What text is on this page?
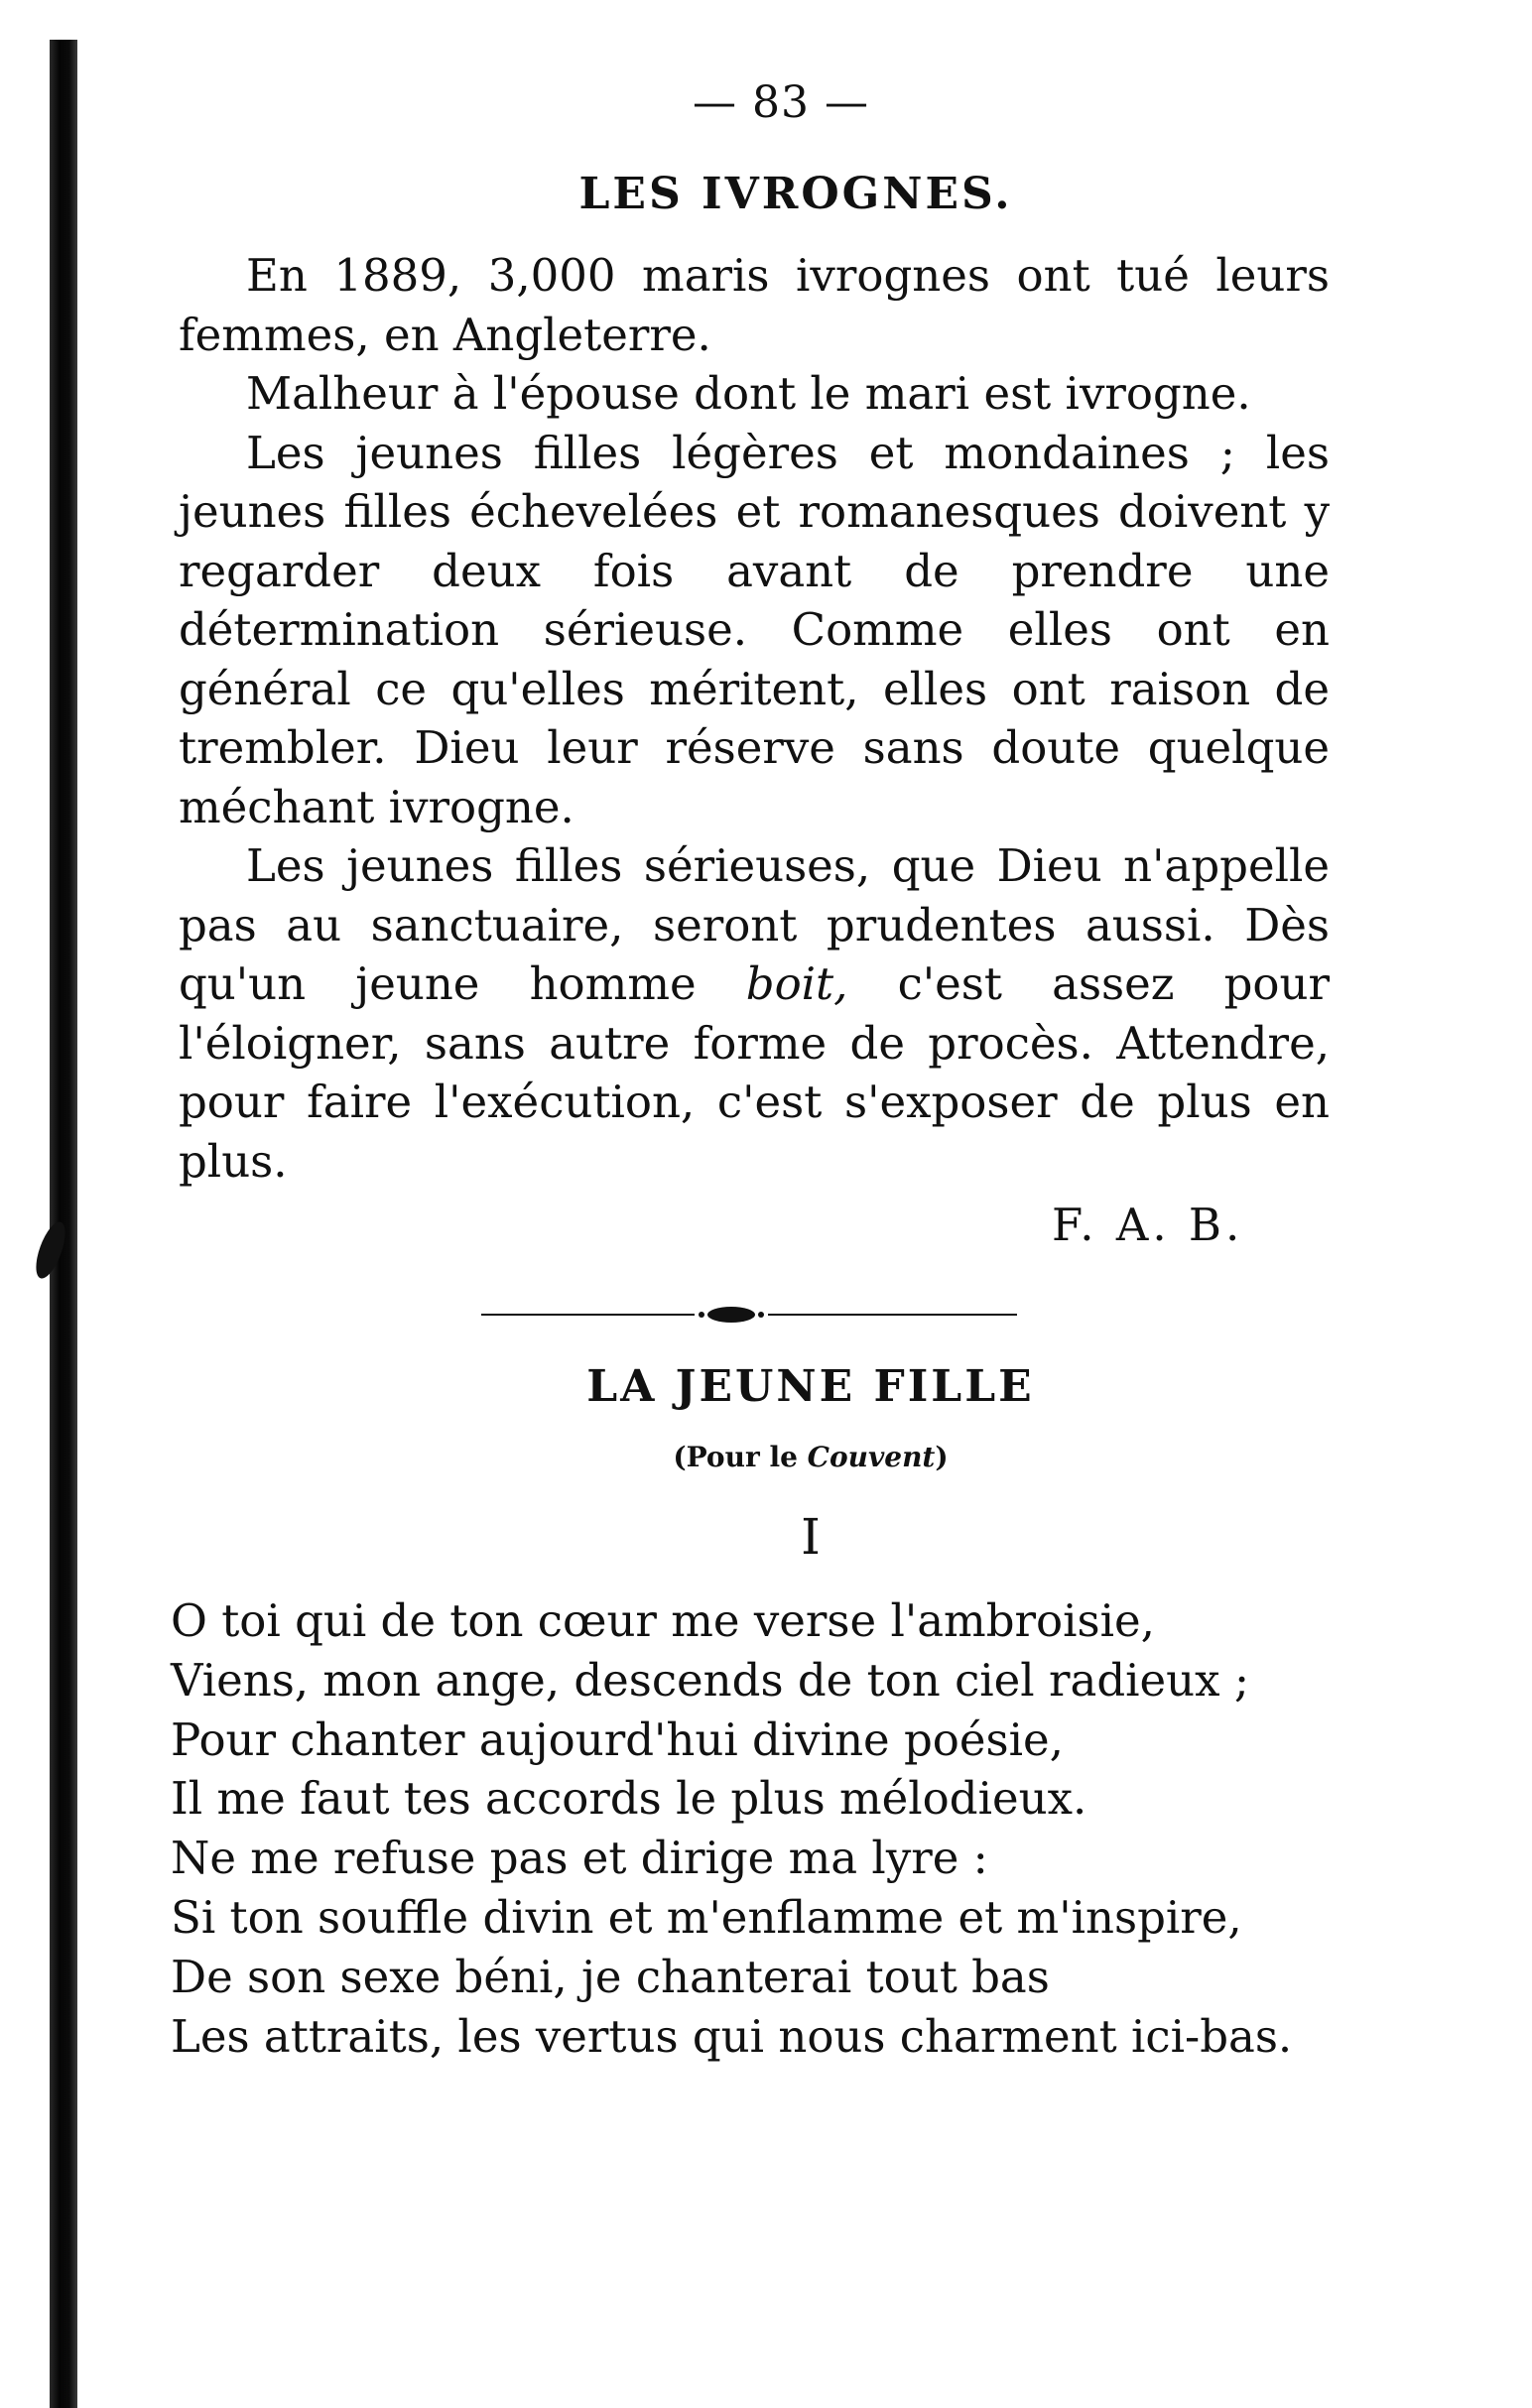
— 83 —
LES IVROGNES.

En 1889, 3,000 maris ivrognes ont tué leurs femmes, en Angleterre.

Malheur à l'épouse dont le mari est ivrogne.

Les jeunes filles légères et mondaines ; les jeunes filles échevelées et romanesques doivent y regarder deux fois avant de prendre une détermination sérieuse. Comme elles ont en général ce qu'elles méritent, elles ont raison de trembler. Dieu leur réserve sans doute quelque méchant ivrogne.

Les jeunes filles sérieuses, que Dieu n'appelle pas au sanctuaire, seront prudentes aussi. Dès qu'un jeune homme boit, c'est assez pour l'éloigner, sans autre forme de procès. Attendre, pour faire l'exécution, c'est s'exposer de plus en plus.

F. A. B.
LA JEUNE FILLE
(Pour le Couvent)
I
O toi qui de ton cœur me verse l'ambroisie,
Viens, mon ange, descends de ton ciel radieux ;
Pour chanter aujourd'hui divine poésie,
Il me faut tes accords le plus mélodieux.
Ne me refuse pas et dirige ma lyre :
Si ton souffle divin et m'enflamme et m'inspire,
De son sexe béni, je chanterai tout bas
Les attraits, les vertus qui nous charment ici-bas.
